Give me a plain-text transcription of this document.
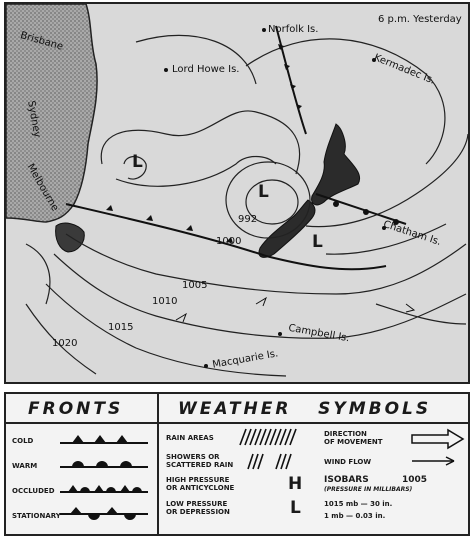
6 p.m. Yesterday
Norfolk Is.
Lord Howe Is.	Kermadec Is.
Brisbane
Sydney
Melbourne
Chatham Is.
Campbell Is.
Macquarie Is.
L
L
L
992
1000
1005
1010
1015
1020
FRONTS	WEATHER   SYMBOLS
COLD
WARM
OCCLUDED
STATIONARY
RAIN AREAS
SHOWERS OR
SCATTERED RAIN
HIGH PRESSURE
OR ANTICYCLONE	H
LOW PRESSURE
OR DEPRESSION	L
DIRECTION
OF MOVEMENT
WIND FLOW
ISOBARS	1005
(PRESSURE IN MILLIBARS)
1015 mb — 30 in.
1 mb — 0.03 in.
